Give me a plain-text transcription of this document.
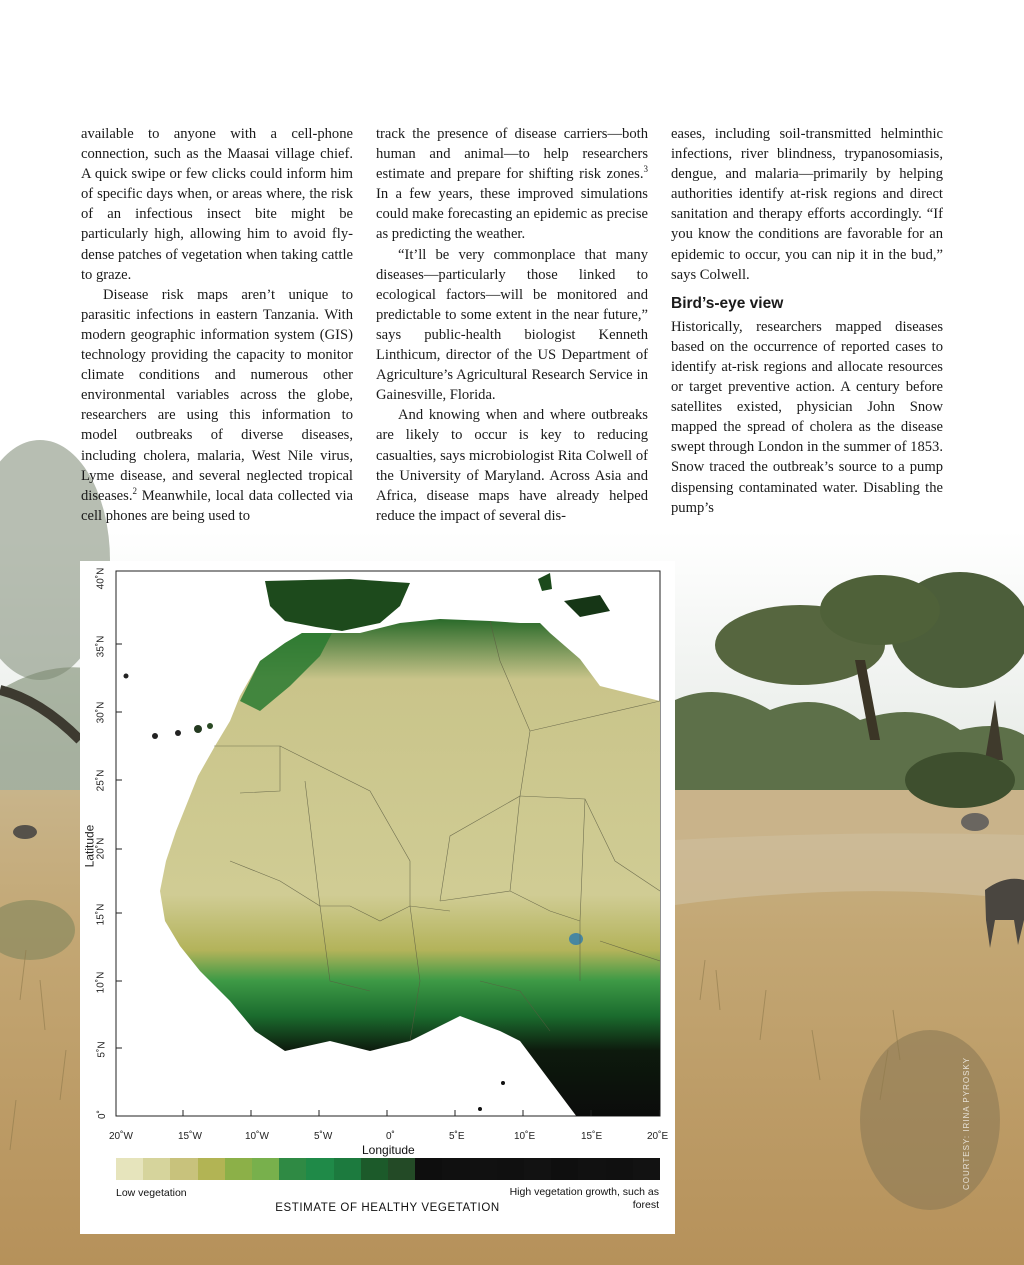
available to anyone with a cell-phone connection, such as the Maasai village chief. A quick swipe or few clicks could inform him of specific days when, or areas where, the risk of an infectious insect bite might be particularly high, allowing him to avoid fly-dense patches of vegetation when taking cattle to graze.

Disease risk maps aren’t unique to parasitic infections in eastern Tanzania. With modern geographic information system (GIS) technology providing the capacity to monitor climate conditions and numerous other environmental variables across the globe, researchers are using this information to model outbreaks of diverse diseases, including cholera, malaria, West Nile virus, Lyme disease, and several neglected tropical diseases.$^2$ Meanwhile, local data collected via cell phones are being used to

track the presence of disease carriers—both human and animal—to help researchers estimate and prepare for shifting risk zones.$^3$ In a few years, these improved simulations could make forecasting an epidemic as precise as predicting the weather.

“It’ll be very commonplace that many diseases—particularly those linked to ecological factors—will be monitored and predictable to some extent in the near future,” says public-health biologist Kenneth Linthicum, director of the US Department of Agriculture’s Agricultural Research Service in Gainesville, Florida.

And knowing when and where outbreaks are likely to occur is key to reducing casualties, says microbiologist Rita Colwell of the University of Maryland. Across Asia and Africa, disease maps have already helped reduce the impact of several dis-

eases, including soil-transmitted helminthic infections, river blindness, trypanosomiasis, dengue, and malaria—primarily by helping authorities identify at-risk regions and direct sanitation and therapy efforts accordingly. “If you know the conditions are favorable for an epidemic to occur, you can nip it in the bud,” says Colwell.

Bird’s-eye view

Historically, researchers mapped diseases based on the occurrence of reported cases to identify at-risk regions and allocate resources or target preventive action. A century before satellites existed, physician John Snow mapped the spread of cholera as the disease swept through London in the summer of 1853. Snow traced the outbreak’s source to a pump dispensing contaminated water. Disabling the pump’s

40˚N
35˚N
30˚N
25˚N
20˚N
15˚N
10˚N
5˚N
0˚
Latitude
20˚W	15˚W	10˚W	5˚W	0˚	5˚E	10˚E	15˚E	20˚E
Longitude
Low vegetation	High vegetation growth, such as forest
ESTIMATE OF HEALTHY VEGETATION
COURTESY: IRINA PYROSKY
